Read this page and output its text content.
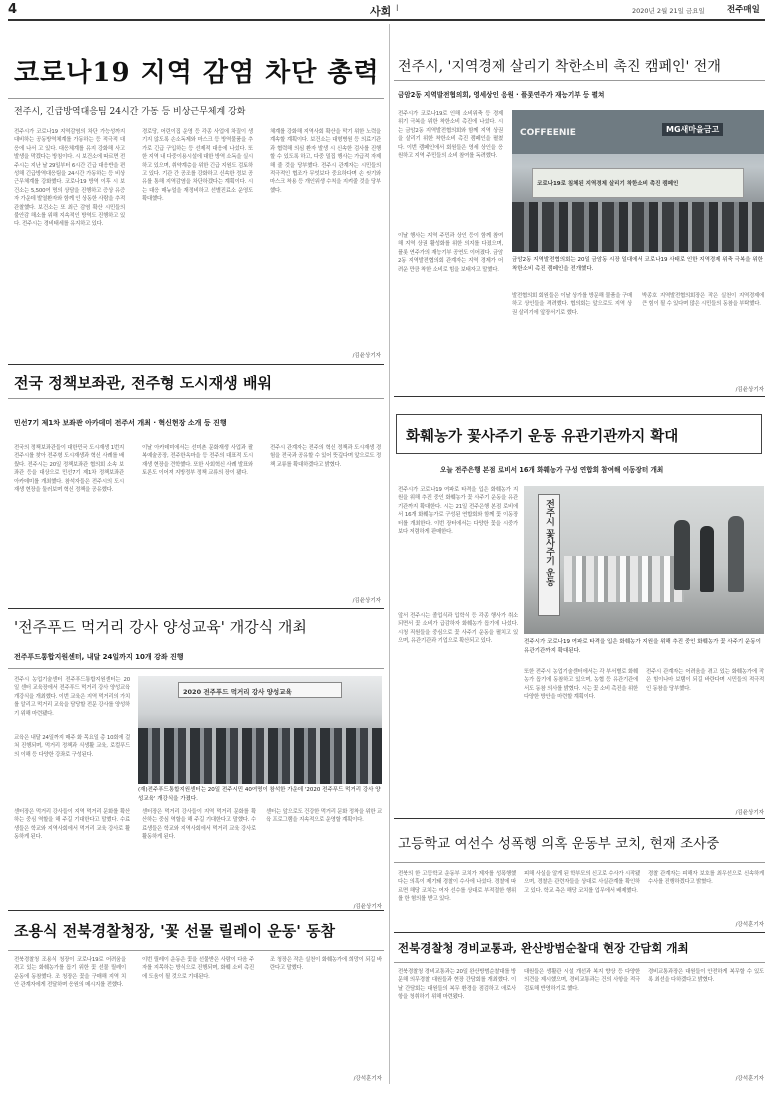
4	사회 I	2020년 2월 21일 금요일	전주매일
코로나19 지역 감염 차단 총력
전주시, 긴급방역대응팀 24시간 가동 등 비상근무체계 강화
전주시가 코로나19 지역감염의 차단 가능성까지 대비하는 공동방역체계를 가동하는 등 적극적 대응에 나서 고 있다. 대응체계를 유지 강화해 사고 발생을 막겠다는 방침이다. 시 보건소에 따르면 전주시는 지난 날 29일부터 6시간 긴급 대응반을 편성해 긴급방역대응팀을 24시간 가동하는 등 비상근무체계를 강화했다. 코로나19 방역 이후 시 보건소는 5,500여 명의 상담을 진행하고 증상 유증자 가운데 발열환자와 함께 인 상동한 사람을 추적 관찰했다. 보건소는 또 최근 감염 확산 시민들의 불안감 해소를 위해 지속적인 방역도 진행하고 있다. 전주시는 경비태세를 유지하고 있다.
경로당, 어린이집 운영 등 각종 사업에 차질이 생기지 않도록 손소독제와 마스크 등 방역물품을 추가로 긴급 구입하는 등 선제적 대응에 나섰다. 또한 지역 내 다중이용시설에 대한 방역 소독을 실시하고 있으며, 취약계층을 위한 긴급 지원도 검토하고 있다. 기관 간 공조를 강화하고 신속한 정보 공유를 통해 지역감염을 차단하겠다는 계획이다. 시는 대응 매뉴얼을 재정비하고 선별진료소 운영도 확대했다.
체계를 강화해 지역사회 확산을 막기 위한 노력을 계속할 계획이다. 보건소는 대형병원 등 의료기관과 협력해 의심 환자 발생 시 신속한 검사를 진행할 수 있도록 하고, 다중 밀집 행사는 가급적 자제해 줄 것을 당부했다. 전주시 관계자는 시민들의 적극적인 협조가 무엇보다 중요하다며 손 씻기와 마스크 착용 등 개인위생 수칙을 지켜줄 것을 당부했다.
/김윤상기자
전주시, '지역경제 살리기 착한소비 촉진 캠페인' 전개
금암2동 지역발전협의회, 영세상인 응원 · 플롯연주가 재능기부 등 펼쳐
전주시가 코로나19로 인해 소비위축 등 경제 위기 극복을 위한 착한소비 촉진에 나섰다. 시는 금암2동 지역발전협의회와 함께 지역 상권을 살리기 위한 착한소비 촉진 캠페인을 펼쳤다. 이번 캠페인에서 회원들은 영세 상인을 응원하고 지역 주민들의 소비 참여를 독려했다.
이날 행사는 지역 주민과 상인 등이 함께 참여해 지역 상권 활성화를 위한 의지를 다졌으며, 플롯 연주가의 재능기부 공연도 이어졌다. 금암2동 지역발전협의회 관계자는 지역 경제가 어려운 만큼 착한 소비로 힘을 보태자고 말했다.
COFFEENIE	MG새마을금고
코로나19로 침체된 지역경제 살리기 착한소비 촉진 캠페인
금암2동 지역발전협의회는 20일 금암동 시장 일대에서 코로나19 사태로 인한 지역경제 위축 극복을 위한 착한소비 촉진 캠페인을 전개했다.
발전협의회 회원들은 이날 상가를 방문해 물품을 구매하고 상인들을 격려했다. 협의회는 앞으로도 지역 상권 살리기에 앞장서기로 했다.
박종호 지역발전협의회장은 작은 실천이 지역경제에 큰 힘이 될 수 있다며 많은 시민들의 동참을 부탁했다.
/김윤상기자
전국 정책보좌관, 전주형 도시재생 배워
민선7기 제1차 보좌관 아카데미 전주서 개최 · 혁신현장 소개 등 진행
전국의 정책보좌관들이 대한민국 도시재생 1번지 전주시를 찾아 전주형 도시재생과 혁신 사례를 배웠다. 전주시는 20일 정책보좌관 협의회 소속 보좌관 등을 대상으로 민선7기 제1차 정책보좌관 아카데미를 개최했다. 참석자들은 전주시의 도시재생 현장을 둘러보며 혁신 정책을 공유했다.
이날 아카데미에서는 선미촌 문화재생 사업과 팔복예술공장, 전주한옥마을 등 전주의 대표적 도시재생 현장을 견학했다. 또한 사회혁신 사례 발표와 토론도 이어져 지방정부 정책 교류의 장이 됐다.
전주시 관계자는 전주의 혁신 정책과 도시재생 경험을 전국과 공유할 수 있어 뜻깊다며 앞으로도 정책 교류를 확대하겠다고 밝혔다.
/김윤상기자
화훼농가 꽃사주기 운동 유관기관까지 확대
오늘 전주은행 본점 로비서 16개 화훼농가 구성 연합회 참여해 이동장터 개최
전주시가 코로나19 여파로 타격을 입은 화훼농가 지원을 위해 추진 중인 화훼농가 꽃 사주기 운동을 유관기관까지 확대한다. 시는 21일 전주은행 본점 로비에서 16개 화훼농가로 구성된 연합회와 함께 꽃 이동장터를 개최한다. 이번 장터에서는 다양한 꽃을 시중가보다 저렴하게 판매한다.
앞서 전주시는 졸업식과 입학식 등 각종 행사가 취소되면서 꽃 소비가 급감하자 화훼농가 돕기에 나섰다. 시청 직원들을 중심으로 꽃 사주기 운동을 펼치고 있으며, 유관기관과 기업으로 확산되고 있다.
전주시 꽃사주기 운동
전주시가 코로나19 여파로 타격을 입은 화훼농가 지원을 위해 추진 중인 화훼농가 꽃 사주기 운동이 유관기관까지 확대된다.
또한 전주시 농업기술센터에서는 각 부서별로 화훼농가 돕기에 동참하고 있으며, 농협 등 유관기관에서도 동참 의사를 밝혔다. 시는 꽃 소비 촉진을 위한 다양한 방안을 마련할 계획이다.
전주시 관계자는 어려움을 겪고 있는 화훼농가에 작은 힘이나마 보탬이 되길 바란다며 시민들의 적극적인 동참을 당부했다.
/김윤상기자
'전주푸드 먹거리 강사 양성교육' 개강식 개최
전주푸드통합지원센터, 내달 24일까지 10개 강좌 진행
전주시 농업기술센터 전주푸드통합지원센터는 20일 센터 교육장에서 전주푸드 먹거리 강사 양성교육 개강식을 개최했다. 이번 교육은 지역 먹거리의 가치를 알리고 먹거리 교육을 담당할 전문 강사를 양성하기 위해 마련됐다.
2020 전주푸드 먹거리 강사 양성교육
교육은 내달 24일까지 매주 화 목요일 총 10회에 걸쳐 진행되며, 먹거리 정책과 식생활 교육, 로컬푸드의 이해 등 다양한 강좌로 구성된다.
(재)전주푸드통합지원센터는 20일 전주시민 40여명이 참석한 가운데 '2020 전주푸드 먹거리 강사 양성교육' 개강식을 가졌다.
센터장은 먹거리 강사들이 지역 먹거리 문화를 확산하는 중심 역할을 해 주길 기대한다고 말했다. 수료생들은 학교와 지역사회에서 먹거리 교육 강사로 활동하게 된다.
센터장은 먹거리 강사들이 지역 먹거리 문화를 확산하는 중심 역할을 해 주길 기대한다고 말했다. 수료생들은 학교와 지역사회에서 먹거리 교육 강사로 활동하게 된다.
센터는 앞으로도 건강한 먹거리 문화 정착을 위한 교육 프로그램을 지속적으로 운영할 계획이다.
/김윤상기자
고등학교 여선수 성폭행 의혹 운동부 코치, 현재 조사중
전북의 한 고등학교 운동부 코치가 제자를 성폭행했다는 의혹이 제기돼 경찰이 수사에 나섰다. 경찰에 따르면 해당 코치는 여자 선수를 상대로 부적절한 행위를 한 혐의를 받고 있다.
피해 사실을 알게 된 학부모의 신고로 수사가 시작됐으며, 경찰은 관련자들을 상대로 사실관계를 확인하고 있다. 학교 측은 해당 코치를 업무에서 배제했다.
경찰 관계자는 피해자 보호를 최우선으로 신속하게 수사를 진행하겠다고 밝혔다.
/강석훈기자
조용식 전북경찰청장, '꽃 선물 릴레이 운동' 동참
전북경찰청 조용식 청장이 코로나19로 어려움을 겪고 있는 화훼농가를 돕기 위한 꽃 선물 릴레이 운동에 동참했다. 조 청장은 꽃을 구매해 지역 치안 관계자에게 전달하며 응원의 메시지를 전했다.
이번 릴레이 운동은 꽃을 선물받은 사람이 다음 주자를 지목하는 방식으로 진행되며, 화훼 소비 촉진에 도움이 될 것으로 기대된다.
조 청장은 작은 실천이 화훼농가에 희망이 되길 바란다고 말했다.
/강석훈기자
전북경찰청 경비교통과, 완산방범순찰대 현장 간담회 개최
전북경찰청 경비교통과는 20일 완산방범순찰대를 방문해 의무경찰 대원들과 현장 간담회를 개최했다. 이날 간담회는 대원들의 복무 환경을 점검하고 애로사항을 청취하기 위해 마련됐다.
대원들은 생활관 시설 개선과 복지 향상 등 다양한 의견을 제시했으며, 경비교통과는 건의 사항을 적극 검토해 반영하기로 했다.
경비교통과장은 대원들이 안전하게 복무할 수 있도록 최선을 다하겠다고 밝혔다.
/강석훈기자
